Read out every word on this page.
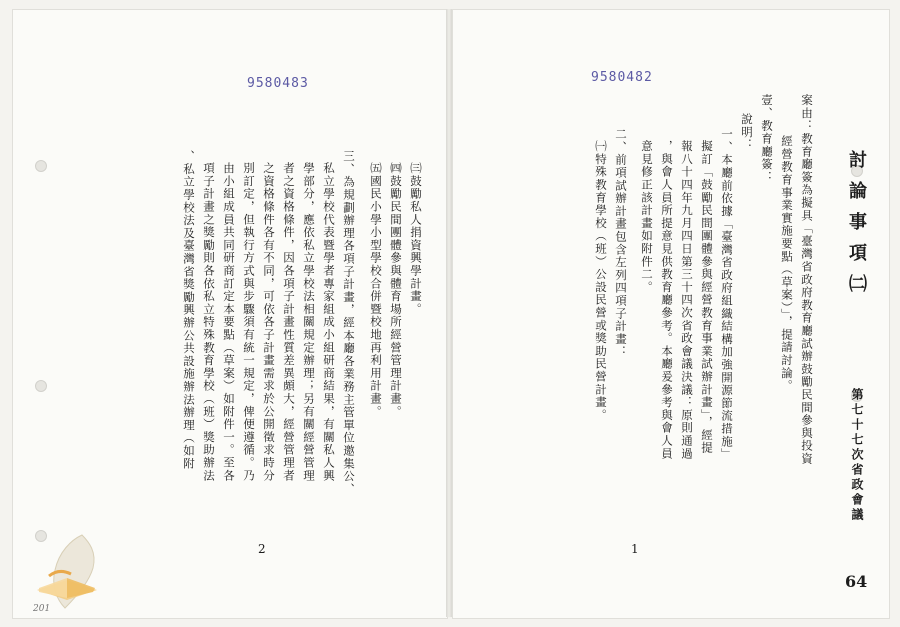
9580483
㈢鼓勵私人捐資興學計畫。
㈣鼓勵民間團體參與體育場所經營管理計畫。
㈤國民小學小型學校合併暨校地再利用計畫。
三、為規劃辦理各項子計畫，經本廳各業務主管單位邀集公、
私立學校代表暨學者專家組成小組研商結果，有關私人興
學部分，應依私立學校法相關規定辦理；另有關經營管理
者之資格條件，因各項子計畫性質差異頗大，經營管理者
之資格條件各有不同，可依各子計畫需求於公開徵求時分
別訂定，但執行方式與步驟須有統一規定，俾便遵循。乃
由小組成員共同研商訂定本要點（草案）如附件一。至各
項子計畫之獎勵則各依私立特殊教育學校（班）獎助辦法
、私立學校法及臺灣省獎勵興辦公共設施辦法辦理（如附
2
201
9580482
討論事項㈡
第七十七次省政會議
案由：教育廳簽為擬具「臺灣省政府教育廳試辦鼓勵民間參與投資
經營教育事業實施要點（草案）」，提請討論。
壹、教育廳簽：
說明：
一、本廳前依據「臺灣省政府組織結構加強開源節流措施」
擬訂「鼓勵民間團體參與經營教育事業試辦計畫」，經提
報八十四年九月四日第三十四次省政會議決議：原則通過
，與會人員所提意見供教育廳參考。本廳爰參考與會人員
意見修正該計畫如附件二。
二、前項試辦計畫包含左列四項子計畫：
㈠特殊教育學校（班）公設民營或獎助民營計畫。
1
64
